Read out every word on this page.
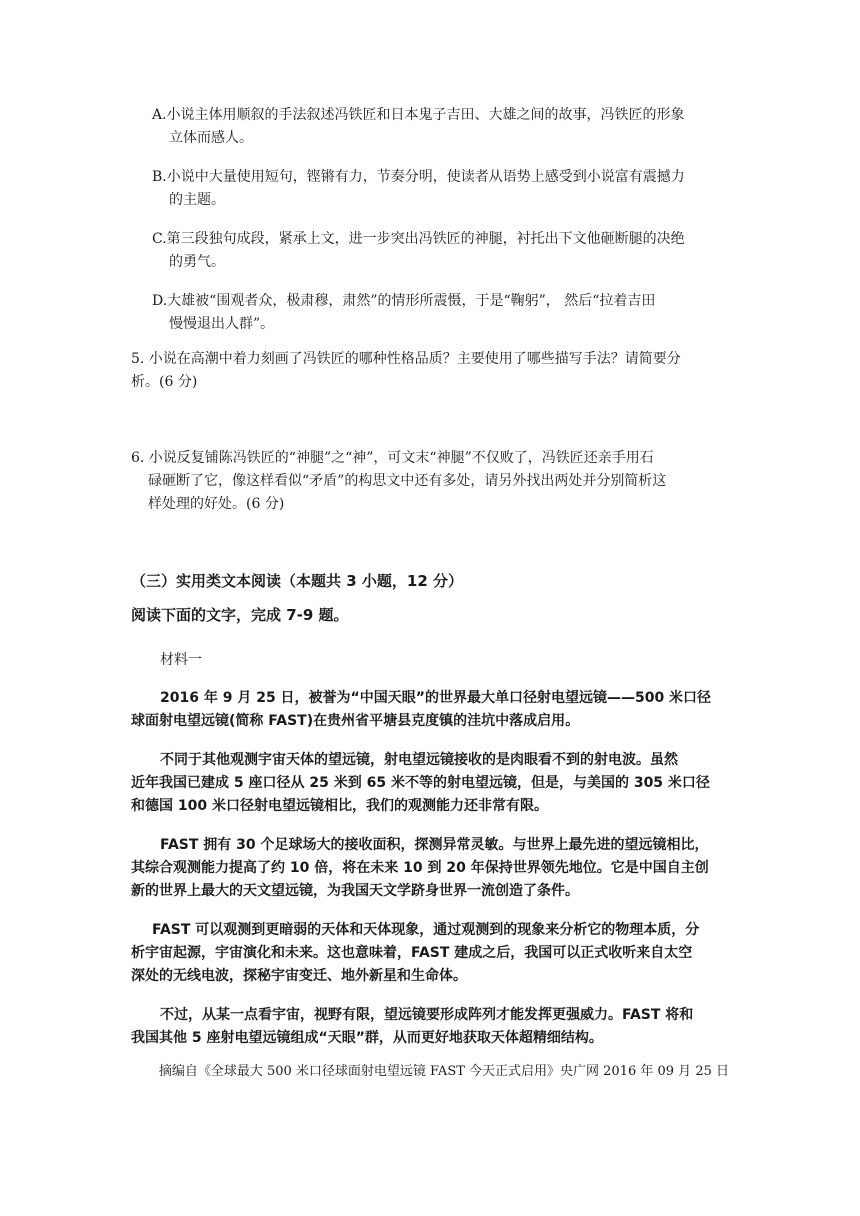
A.小说主体用顺叙的手法叙述冯铁匠和日本鬼子吉田、大雄之间的故事，冯铁匠的形象
立体而感人。
B.小说中大量使用短句，铿锵有力，节奏分明，使读者从语势上感受到小说富有震撼力
的主题。
C.第三段独句成段，紧承上文，进一步突出冯铁匠的神腿，衬托出下文他砸断腿的决绝
的勇气。
D.大雄被“围观者众，极肃穆，肃然”的情形所震慑，于是“鞠躬”， 然后“拉着吉田
慢慢退出人群”。
5. 小说在高潮中着力刻画了冯铁匠的哪种性格品质？主要使用了哪些描写手法？请简要分
析。(6 分)
6. 小说反复铺陈冯铁匠的“神腿”之“神”，可文末“神腿”不仅败了，冯铁匠还亲手用石
碌砸断了它，像这样看似“矛盾”的构思文中还有多处，请另外找出两处并分别简析这
样处理的好处。(6 分)
（三）实用类文本阅读（本题共 3 小题，12 分）
阅读下面的文字，完成 7-9 题。
材料一
2016 年 9 月 25 日，被誉为“中国天眼”的世界最大单口径射电望远镜——500 米口径
球面射电望远镜(简称 FAST)在贵州省平塘县克度镇的洼坑中落成启用。
不同于其他观测宇宙天体的望远镜，射电望远镜接收的是肉眼看不到的射电波。虽然
近年我国已建成 5 座口径从 25 米到 65 米不等的射电望远镜，但是，与美国的 305 米口径
和德国 100 米口径射电望远镜相比，我们的观测能力还非常有限。
FAST 拥有 30 个足球场大的接收面积，探测异常灵敏。与世界上最先进的望远镜相比，
其综合观测能力提高了约 10 倍，将在未来 10 到 20 年保持世界领先地位。它是中国自主创
新的世界上最大的天文望远镜，为我国天文学跻身世界一流创造了条件。
FAST 可以观测到更暗弱的天体和天体现象，通过观测到的现象来分析它的物理本质，分
析宇宙起源，宇宙演化和未来。这也意味着，FAST 建成之后，我国可以正式收听来自太空
深处的无线电波，探秘宇宙变迁、地外新星和生命体。
不过，从某一点看宇宙，视野有限，望远镜要形成阵列才能发挥更强威力。FAST 将和
我国其他 5 座射电望远镜组成“天眼”群，从而更好地获取天体超精细结构。
摘编自《全球最大 500 米口径球面射电望远镜 FAST 今天正式启用》央广网 2016 年 09 月 25 日
